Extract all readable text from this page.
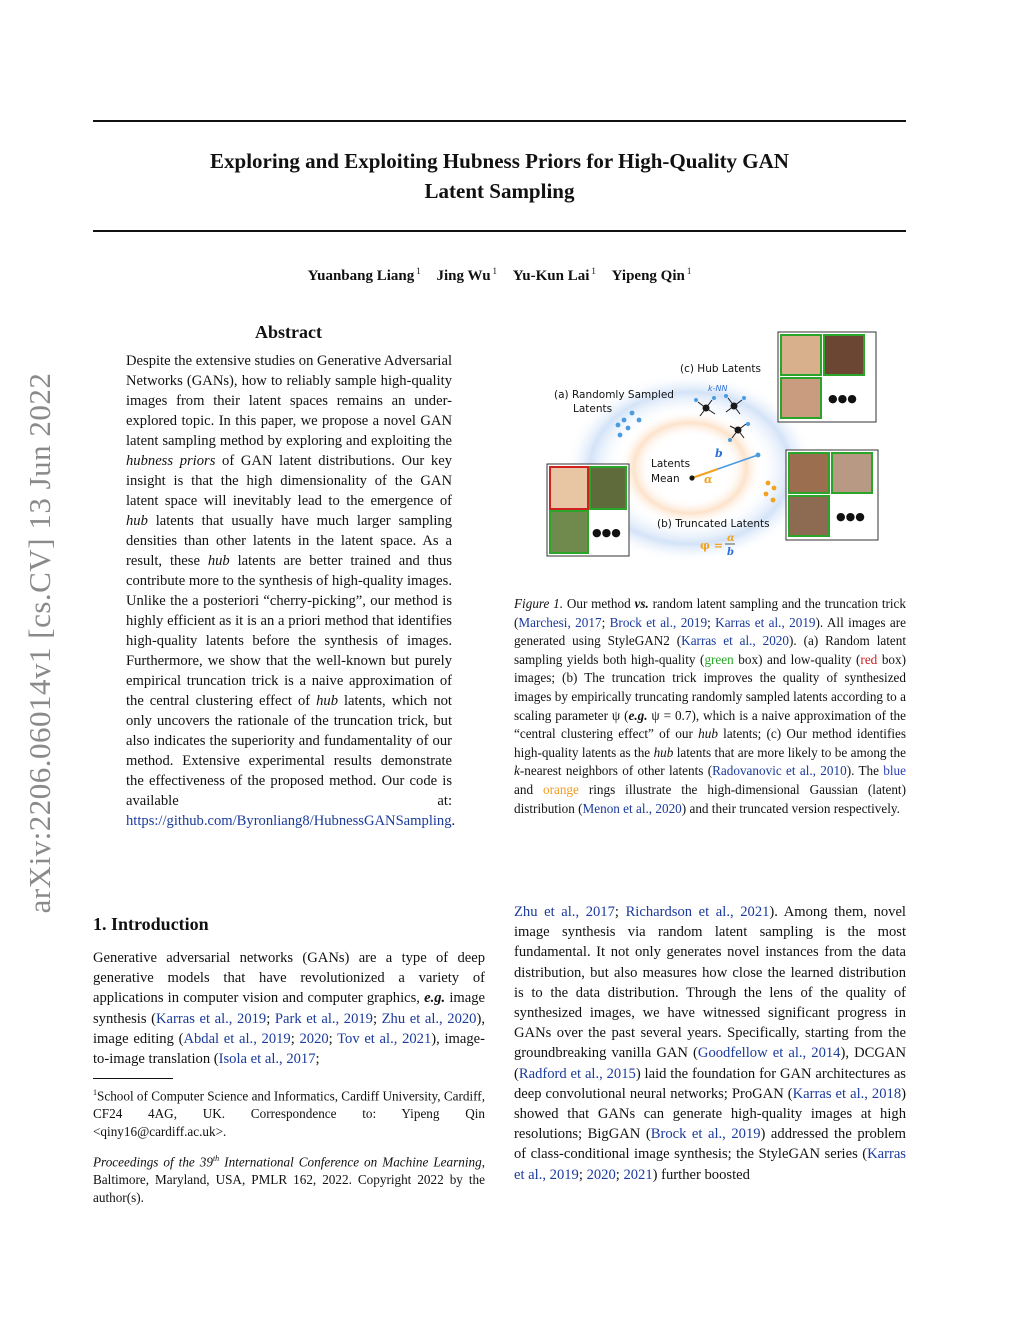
arXiv:2206.06014v1 [cs.CV] 13 Jun 2022
Exploring and Exploiting Hubness Priors for High-Quality GAN
Latent Sampling
Yuanbang Liang $^1$ Jing Wu $^1$ Yu-Kun Lai $^1$ Yipeng Qin $^1$
Abstract
Despite the extensive studies on Generative Adversarial Networks (GANs), how to reliably sample high-quality images from their latent spaces remains an under-explored topic. In this paper, we propose a novel GAN latent sampling method by exploring and exploiting the hubness priors of GAN latent distributions. Our key insight is that the high dimensionality of the GAN latent space will inevitably lead to the emergence of hub latents that usually have much larger sampling densities than other latents in the latent space. As a result, these hub latents are better trained and thus contribute more to the synthesis of high-quality images. Unlike the a posteriori “cherry-picking”, our method is highly efficient as it is an a priori method that identifies high-quality latents before the synthesis of images. Furthermore, we show that the well-known but purely empirical truncation trick is a naive approximation of the central clustering effect of hub latents, which not only uncovers the rationale of the truncation trick, but also indicates the superiority and fundamentality of our method. Extensive experimental results demonstrate the effectiveness of the proposed method. Our code is available at: https://github.com/Byronliang8/HubnessGANSampling.
(a) Randomly Sampled
Latents
(c) Hub Latents
Latents
Mean
(b) Truncated Latents
k-NN
b
α
φ =
α
b
●●●
●●●
●●●
Figure 1. Our method vs. random latent sampling and the truncation trick (Marchesi, 2017; Brock et al., 2019; Karras et al., 2019). All images are generated using StyleGAN2 (Karras et al., 2020). (a) Random latent sampling yields both high-quality (green box) and low-quality (red box) images; (b) The truncation trick improves the quality of synthesized images by empirically truncating randomly sampled latents according to a scaling parameter ψ (e.g. ψ = 0.7), which is a naive approximation of the “central clustering effect” of our hub latents; (c) Our method identifies high-quality latents as the hub latents that are more likely to be among the k-nearest neighbors of other latents (Radovanovic et al., 2010). The blue and orange rings illustrate the high-dimensional Gaussian (latent) distribution (Menon et al., 2020) and their truncated version respectively.
1. Introduction
Generative adversarial networks (GANs) are a type of deep generative models that have revolutionized a variety of applications in computer vision and computer graphics, e.g. image synthesis (Karras et al., 2019; Park et al., 2019; Zhu et al., 2020), image editing (Abdal et al., 2019; 2020; Tov et al., 2021), image-to-image translation (Isola et al., 2017;
Zhu et al., 2017; Richardson et al., 2021). Among them, novel image synthesis via random latent sampling is the most fundamental. It not only generates novel instances from the data distribution, but also measures how close the learned distribution is to the data distribution. Through the lens of the quality of synthesized images, we have witnessed significant progress in GANs over the past several years. Specifically, starting from the groundbreaking vanilla GAN (Goodfellow et al., 2014), DCGAN (Radford et al., 2015) laid the foundation for GAN architectures as deep convolutional neural networks; ProGAN (Karras et al., 2018) showed that GANs can generate high-quality images at high resolutions; BigGAN (Brock et al., 2019) addressed the problem of class-conditional image synthesis; the StyleGAN series (Karras et al., 2019; 2020; 2021) further boosted
$^1$School of Computer Science and Informatics, Cardiff University, Cardiff, CF24 4AG, UK. Correspondence to: Yipeng Qin <qiny16@cardiff.ac.uk>.
Proceedings of the 39th International Conference on Machine Learning, Baltimore, Maryland, USA, PMLR 162, 2022. Copyright 2022 by the author(s).
